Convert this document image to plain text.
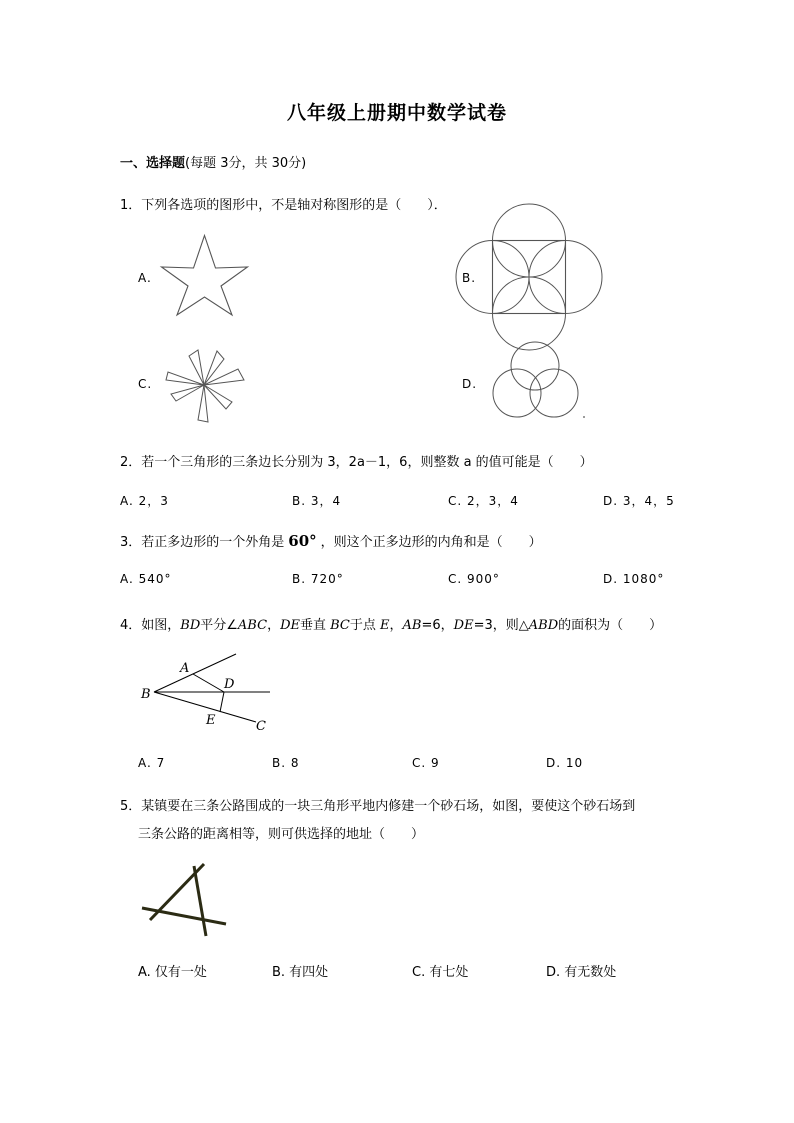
八年级上册期中数学试卷
一、选择题(每题 3分，共 30分)
1．下列各选项的图形中，不是轴对称图形的是（　　）．
A.	B.
C.	D.
2．若一个三角形的三条边长分别为 3，2a－1，6，则整数 a 的值可能是（　　）
A. 2，3	B. 3，4	C. 2，3，4	D. 3，4，5
3．若正多边形的一个外角是 60° ，则这个正多边形的内角和是（　　）
A. 540°	B. 720°	C. 900°	D. 1080°
4．如图，BD平分∠ABC，DE垂直 BC于点 E，AB=6，DE=3，则△ABD的面积为（　　）
A
B
D
E	C
A. 7	B. 8	C. 9	D. 10
5．某镇要在三条公路围成的一块三角形平地内修建一个砂石场，如图，要使这个砂石场到
三条公路的距离相等，则可供选择的地址（　　）
A. 仅有一处	B. 有四处	C. 有七处	D. 有无数处
